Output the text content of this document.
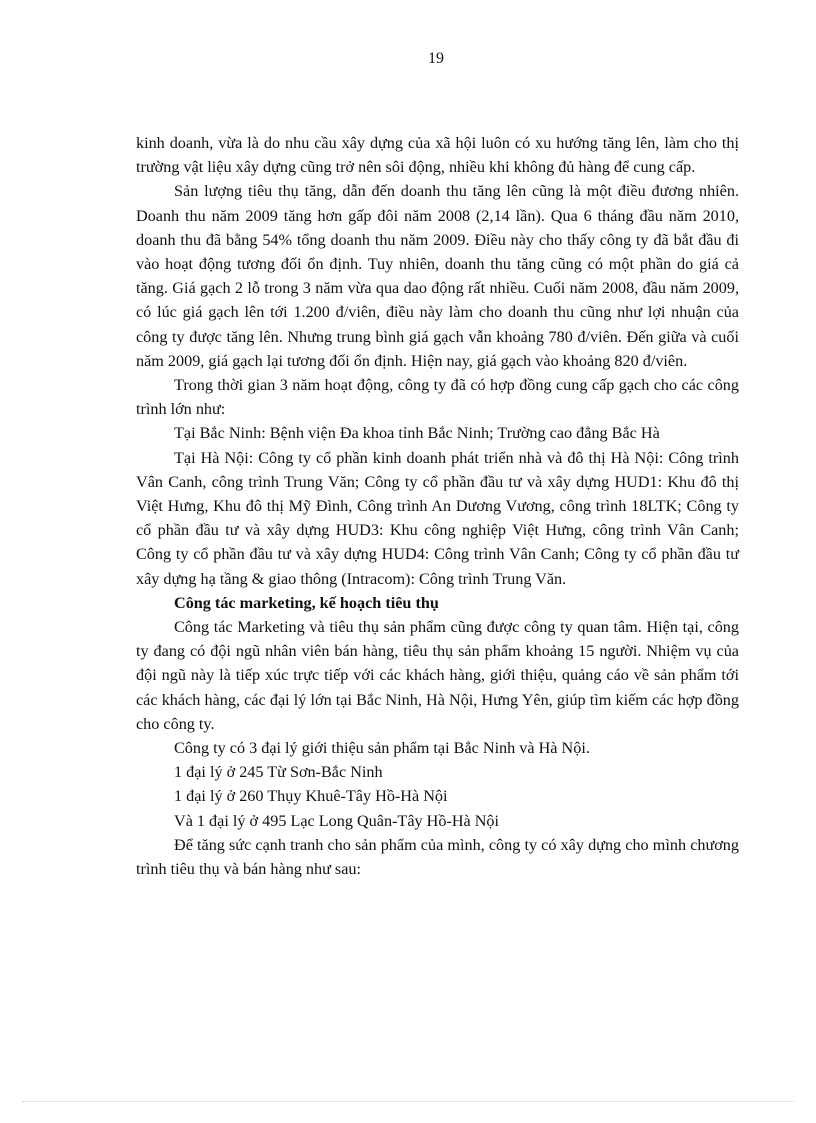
19

kinh doanh, vừa là do nhu cầu xây dựng của xã hội luôn có xu hướng tăng lên, làm cho thị trường vật liệu xây dựng cũng trở nên sôi động, nhiều khi không đủ hàng để cung cấp.

Sản lượng tiêu thụ tăng, dẫn đến doanh thu tăng lên cũng là một điều đương nhiên. Doanh thu năm 2009 tăng hơn gấp đôi năm 2008 (2,14 lần). Qua 6 tháng đầu năm 2010, doanh thu đã bằng 54% tổng doanh thu năm 2009. Điều này cho thấy công ty đã bắt đầu đi vào hoạt động tương đối ổn định. Tuy nhiên, doanh thu tăng cũng có một phần do giá cả tăng. Giá gạch 2 lỗ trong 3 năm vừa qua dao động rất nhiều. Cuối năm 2008, đầu năm 2009, có lúc giá gạch lên tới 1.200 đ/viên, điều này làm cho doanh thu cũng như lợi nhuận của công ty được tăng lên. Nhưng trung bình giá gạch vẫn khoảng 780 đ/viên. Đến giữa và cuối năm 2009, giá gạch lại tương đối ổn định. Hiện nay, giá gạch vào khoảng 820 đ/viên.

Trong thời gian 3 năm hoạt động, công ty đã có hợp đồng cung cấp gạch cho các công trình lớn như:

Tại Bắc Ninh: Bệnh viện Đa khoa tỉnh Bắc Ninh; Trường cao đẳng Bắc Hà

Tại Hà Nội: Công ty cổ phần kinh doanh phát triển nhà và đô thị Hà Nội: Công trình Vân Canh, công trình Trung Văn; Công ty cổ phần đầu tư và xây dựng HUD1: Khu đô thị Việt Hưng, Khu đô thị Mỹ Đình, Công trình An Dương Vương, công trình 18LTK; Công ty cổ phần đầu tư và xây dựng HUD3: Khu công nghiệp Việt Hưng, công trình Vân Canh; Công ty cổ phần đầu tư và xây dựng HUD4: Công trình Vân Canh; Công ty cổ phần đầu tư xây dựng hạ tầng & giao thông (Intracom): Công trình Trung Văn.

Công tác marketing, kế hoạch tiêu thụ

Công tác Marketing và tiêu thụ sản phẩm cũng được công ty quan tâm. Hiện tại, công ty đang có đội ngũ nhân viên bán hàng, tiêu thụ sản phẩm khoảng 15 người. Nhiệm vụ của đội ngũ này là tiếp xúc trực tiếp với các khách hàng, giới thiệu, quảng cáo về sản phẩm tới các khách hàng, các đại lý lớn tại Bắc Ninh, Hà Nội, Hưng Yên, giúp tìm kiếm các hợp đồng cho công ty.

Công ty có 3 đại lý giới thiệu sản phẩm tại Bắc Ninh và Hà Nội.

1 đại lý ở 245 Từ Sơn-Bắc Ninh

1 đại lý ở 260 Thụy Khuê-Tây Hồ-Hà Nội

Và 1 đại lý ở 495 Lạc Long Quân-Tây Hồ-Hà Nội

Để tăng sức cạnh tranh cho sản phẩm của mình, công ty có xây dựng cho mình chương trình tiêu thụ và bán hàng như sau:
